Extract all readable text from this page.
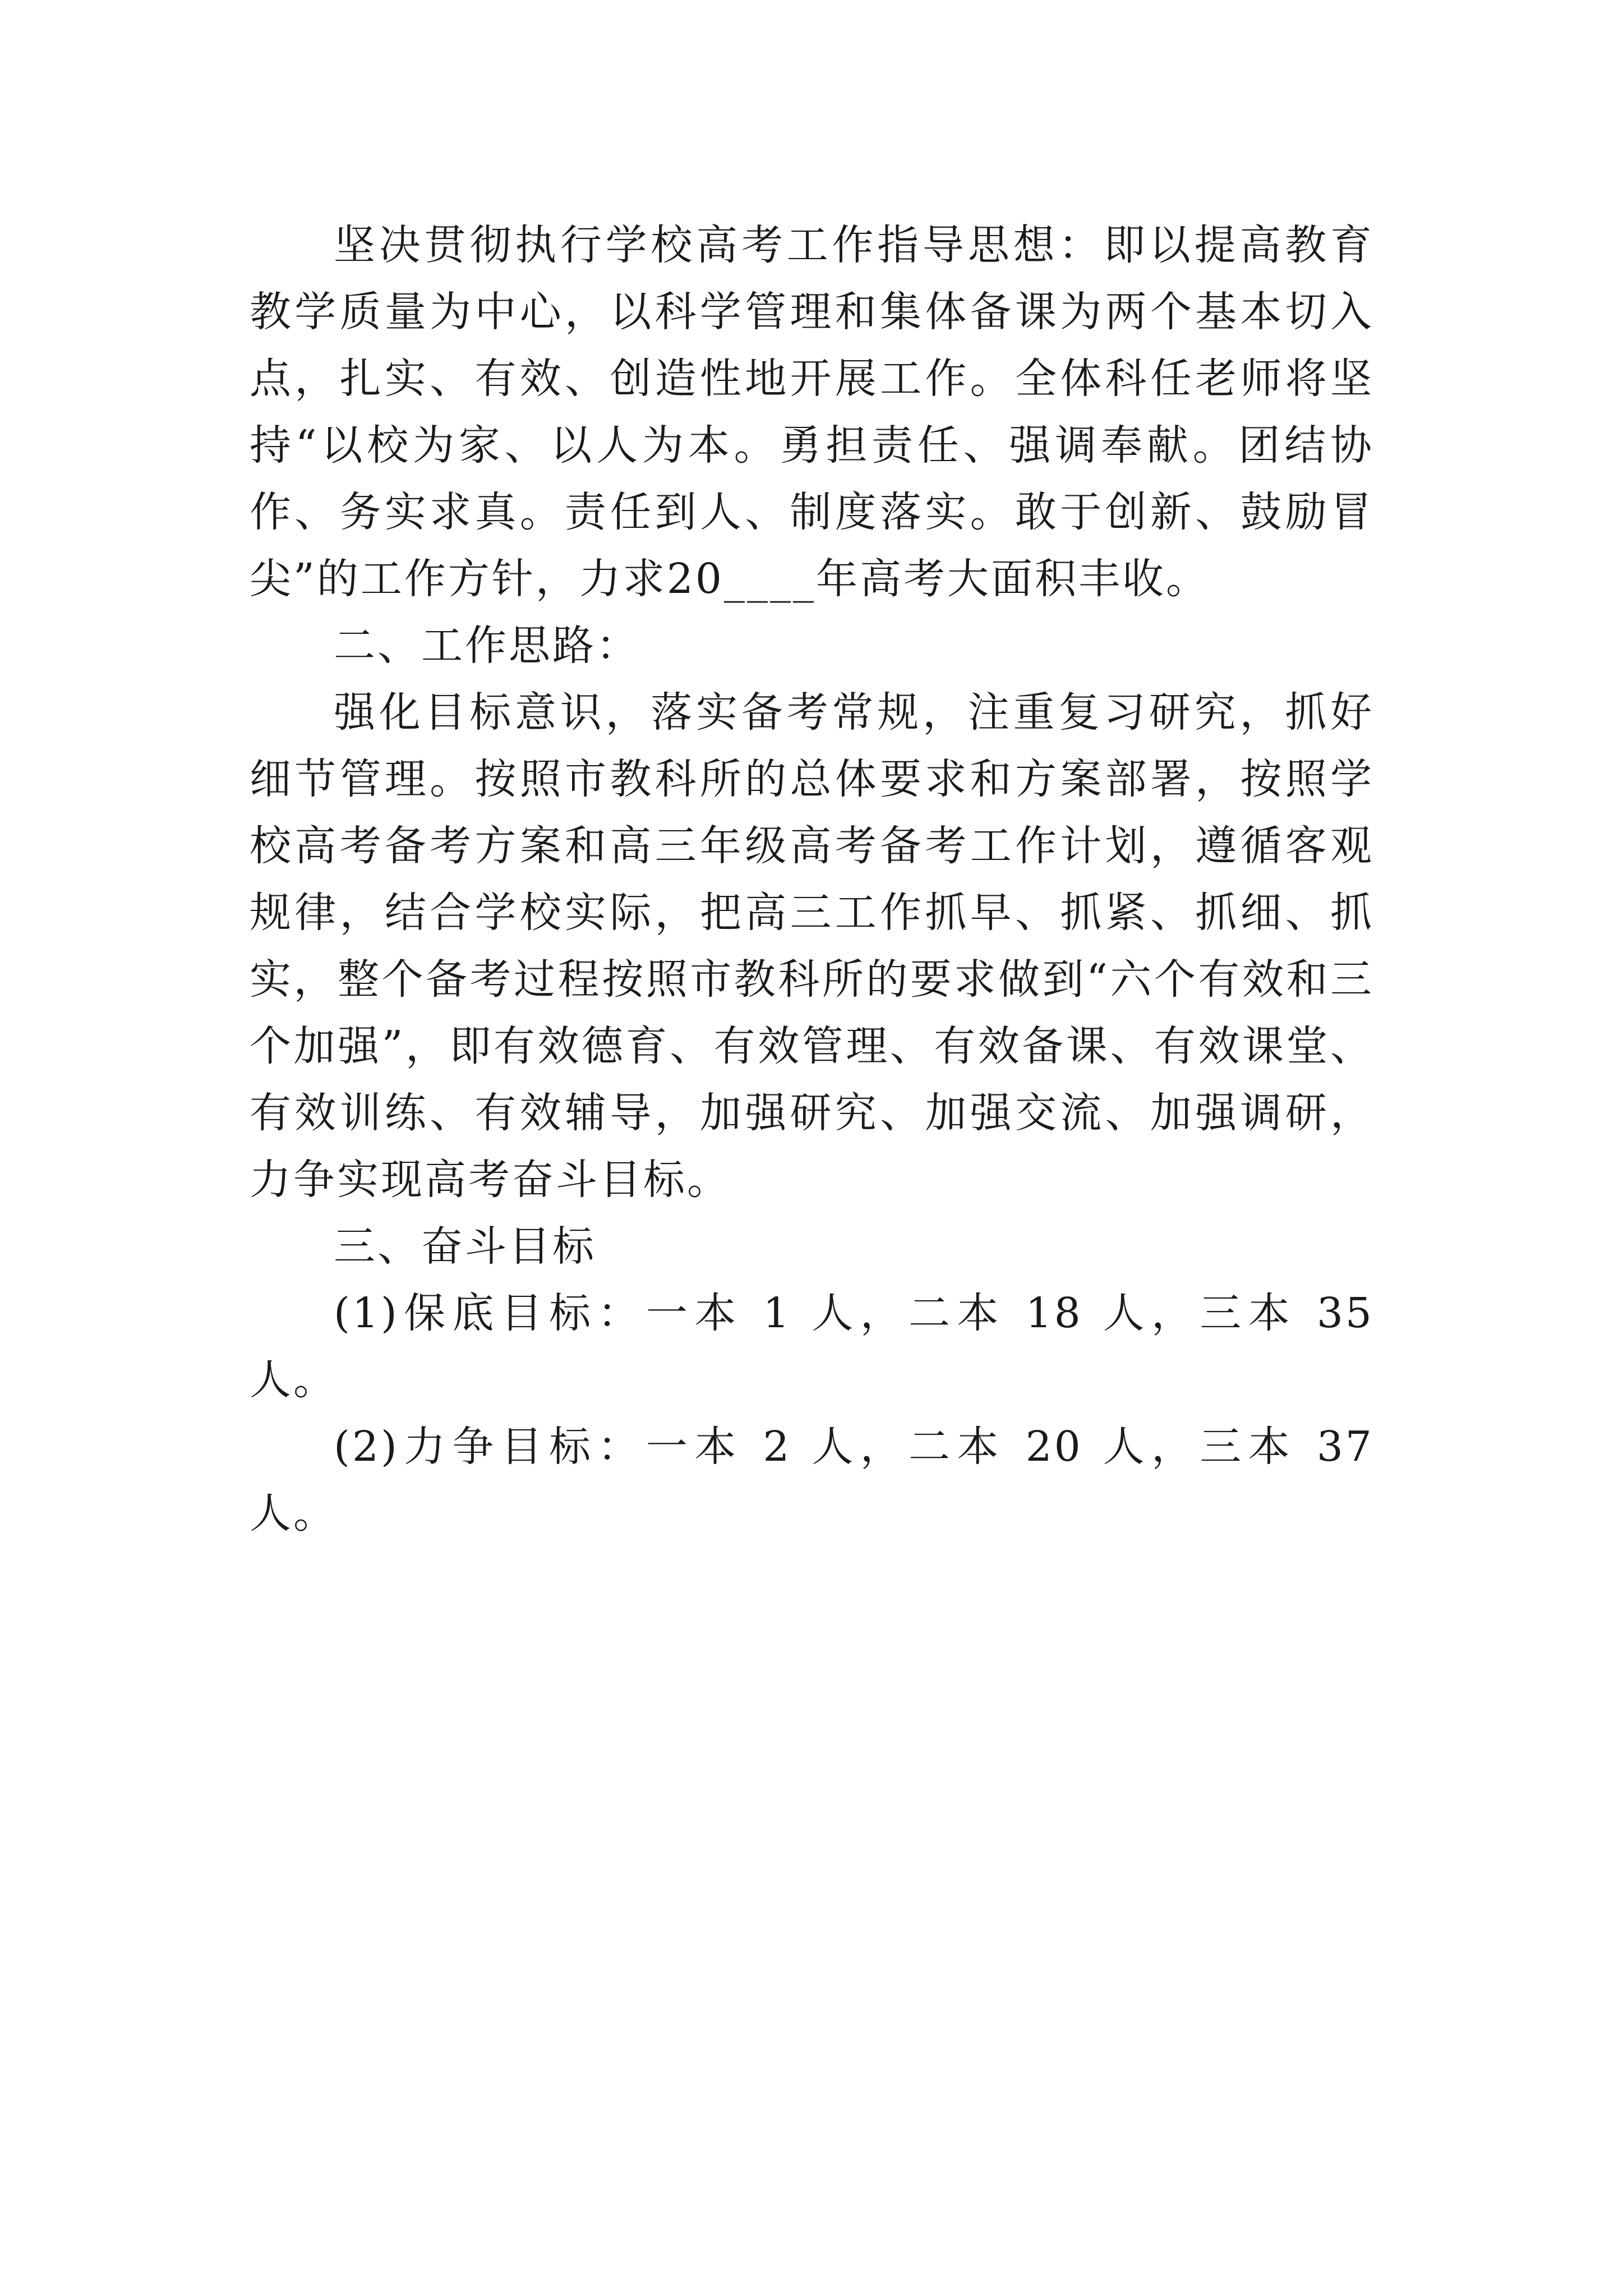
坚决贯彻执行学校高考工作指导思想：即以提高教育教学质量为中心，以科学管理和集体备课为两个基本切入点，扎实、有效、创造性地开展工作。全体科任老师将坚持“以校为家、以人为本。勇担责任、强调奉献。团结协作、务实求真。责任到人、制度落实。敢于创新、鼓励冒尖”的工作方针，力求20____年高考大面积丰收。

二、工作思路：

强化目标意识，落实备考常规，注重复习研究，抓好细节管理。按照市教科所的总体要求和方案部署，按照学校高考备考方案和高三年级高考备考工作计划，遵循客观规律，结合学校实际，把高三工作抓早、抓紧、抓细、抓实，整个备考过程按照市教科所的要求做到“六个有效和三个加强”，即有效德育、有效管理、有效备课、有效课堂、有效训练、有效辅导，加强研究、加强交流、加强调研，力争实现高考奋斗目标。

三、奋斗目标

(1)保底目标：一本 1 人，二本 18 人，三本 35 人。

(2)力争目标：一本 2 人，二本 20 人，三本 37 人。
